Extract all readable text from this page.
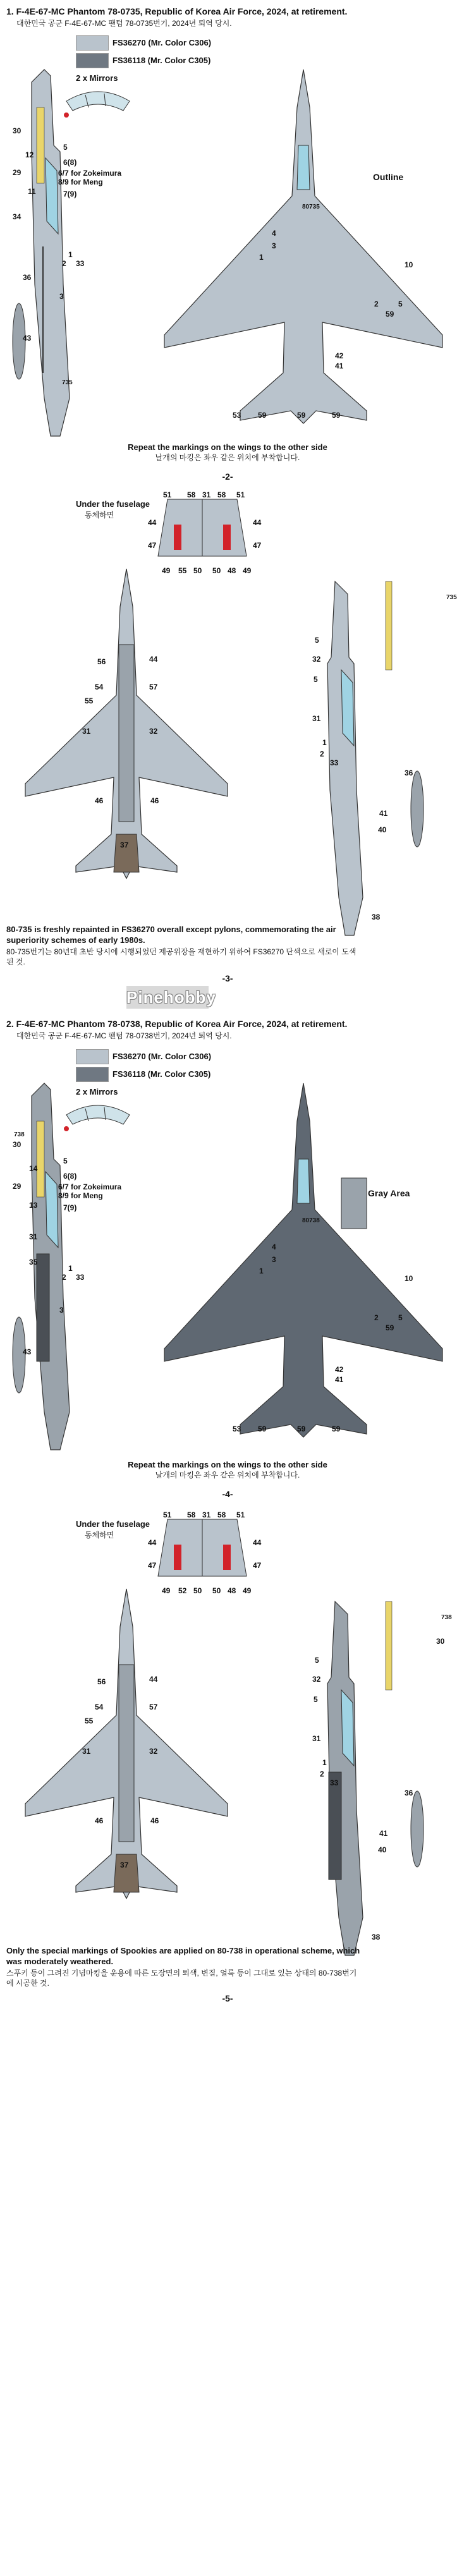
1. F-4E-67-MC Phantom 78-0735, Republic of Korea Air Force, 2024, at retirement.
대한민국 공군 F-4E-67-MC 팬텀 78-0735번기, 2024년 퇴역 당시.
FS36270 (Mr. Color C306)
FS36118 (Mr. Color C305)
2 x Mirrors
30
12
29
11
34
36
43
5
6(8)
6/7 for Zokeimura
8/9 for Meng
7(9)
1
2 33
3
735
80735
Outline
4
3
1
10
2	5
59
42
41
53 59	59	59
Repeat the markings on the wings to the other side
날개의 마킹은 좌우 같은 위치에 부착합니다.
-2-
Under the fuselage
동체하면
51 58 31 58 51
44	44
47	47
49 55 50 50 48 49
56	44
54	57
55
31	32
46	46
37
735
5
32
5
31
1
2
33
36
41
40
38
80-735 is freshly repainted in FS36270 overall except pylons, commemorating the air superiority schemes of early 1980s.
80-735번기는 80년대 초반 당시에 시행되었던 제공위장을 재현하기 위하여 FS36270 단색으로 새로이 도색된 것.
-3-
Pinehobby
2. F-4E-67-MC Phantom 78-0738, Republic of Korea Air Force, 2024, at retirement.
대한민국 공군 F-4E-67-MC 팬텀 78-0738번기, 2024년 퇴역 당시.
FS36270 (Mr. Color C306)
FS36118 (Mr. Color C305)
2 x Mirrors
30
14
29
13
31
35
43
5
6(8)
6/7 for Zokeimura
8/9 for Meng
7(9)
1
2 33
3
738
80738
Gray Area
4
3
1
10
2	5
59
42
41
53 59	59	59
Repeat the markings on the wings to the other side
날개의 마킹은 좌우 같은 위치에 부착합니다.
-4-
Under the fuselage
동체하면
51 58 31 58 51
44	44
47	47
49 52 50 50 48 49
56	44
54	57
55
31	32
46	46
37
738
30
5
32
5
31
1
2
33
36
41
40
38
Only the special markings of Spookies are applied on 80-738 in operational scheme, which was moderately weathered.
스푸키 등이 그려진 기념마킹을 운용에 따른 도장면의 퇴색, 변질, 얼룩 등이 그대로 있는 상태의 80-738번기에 시공한 것.
-5-
